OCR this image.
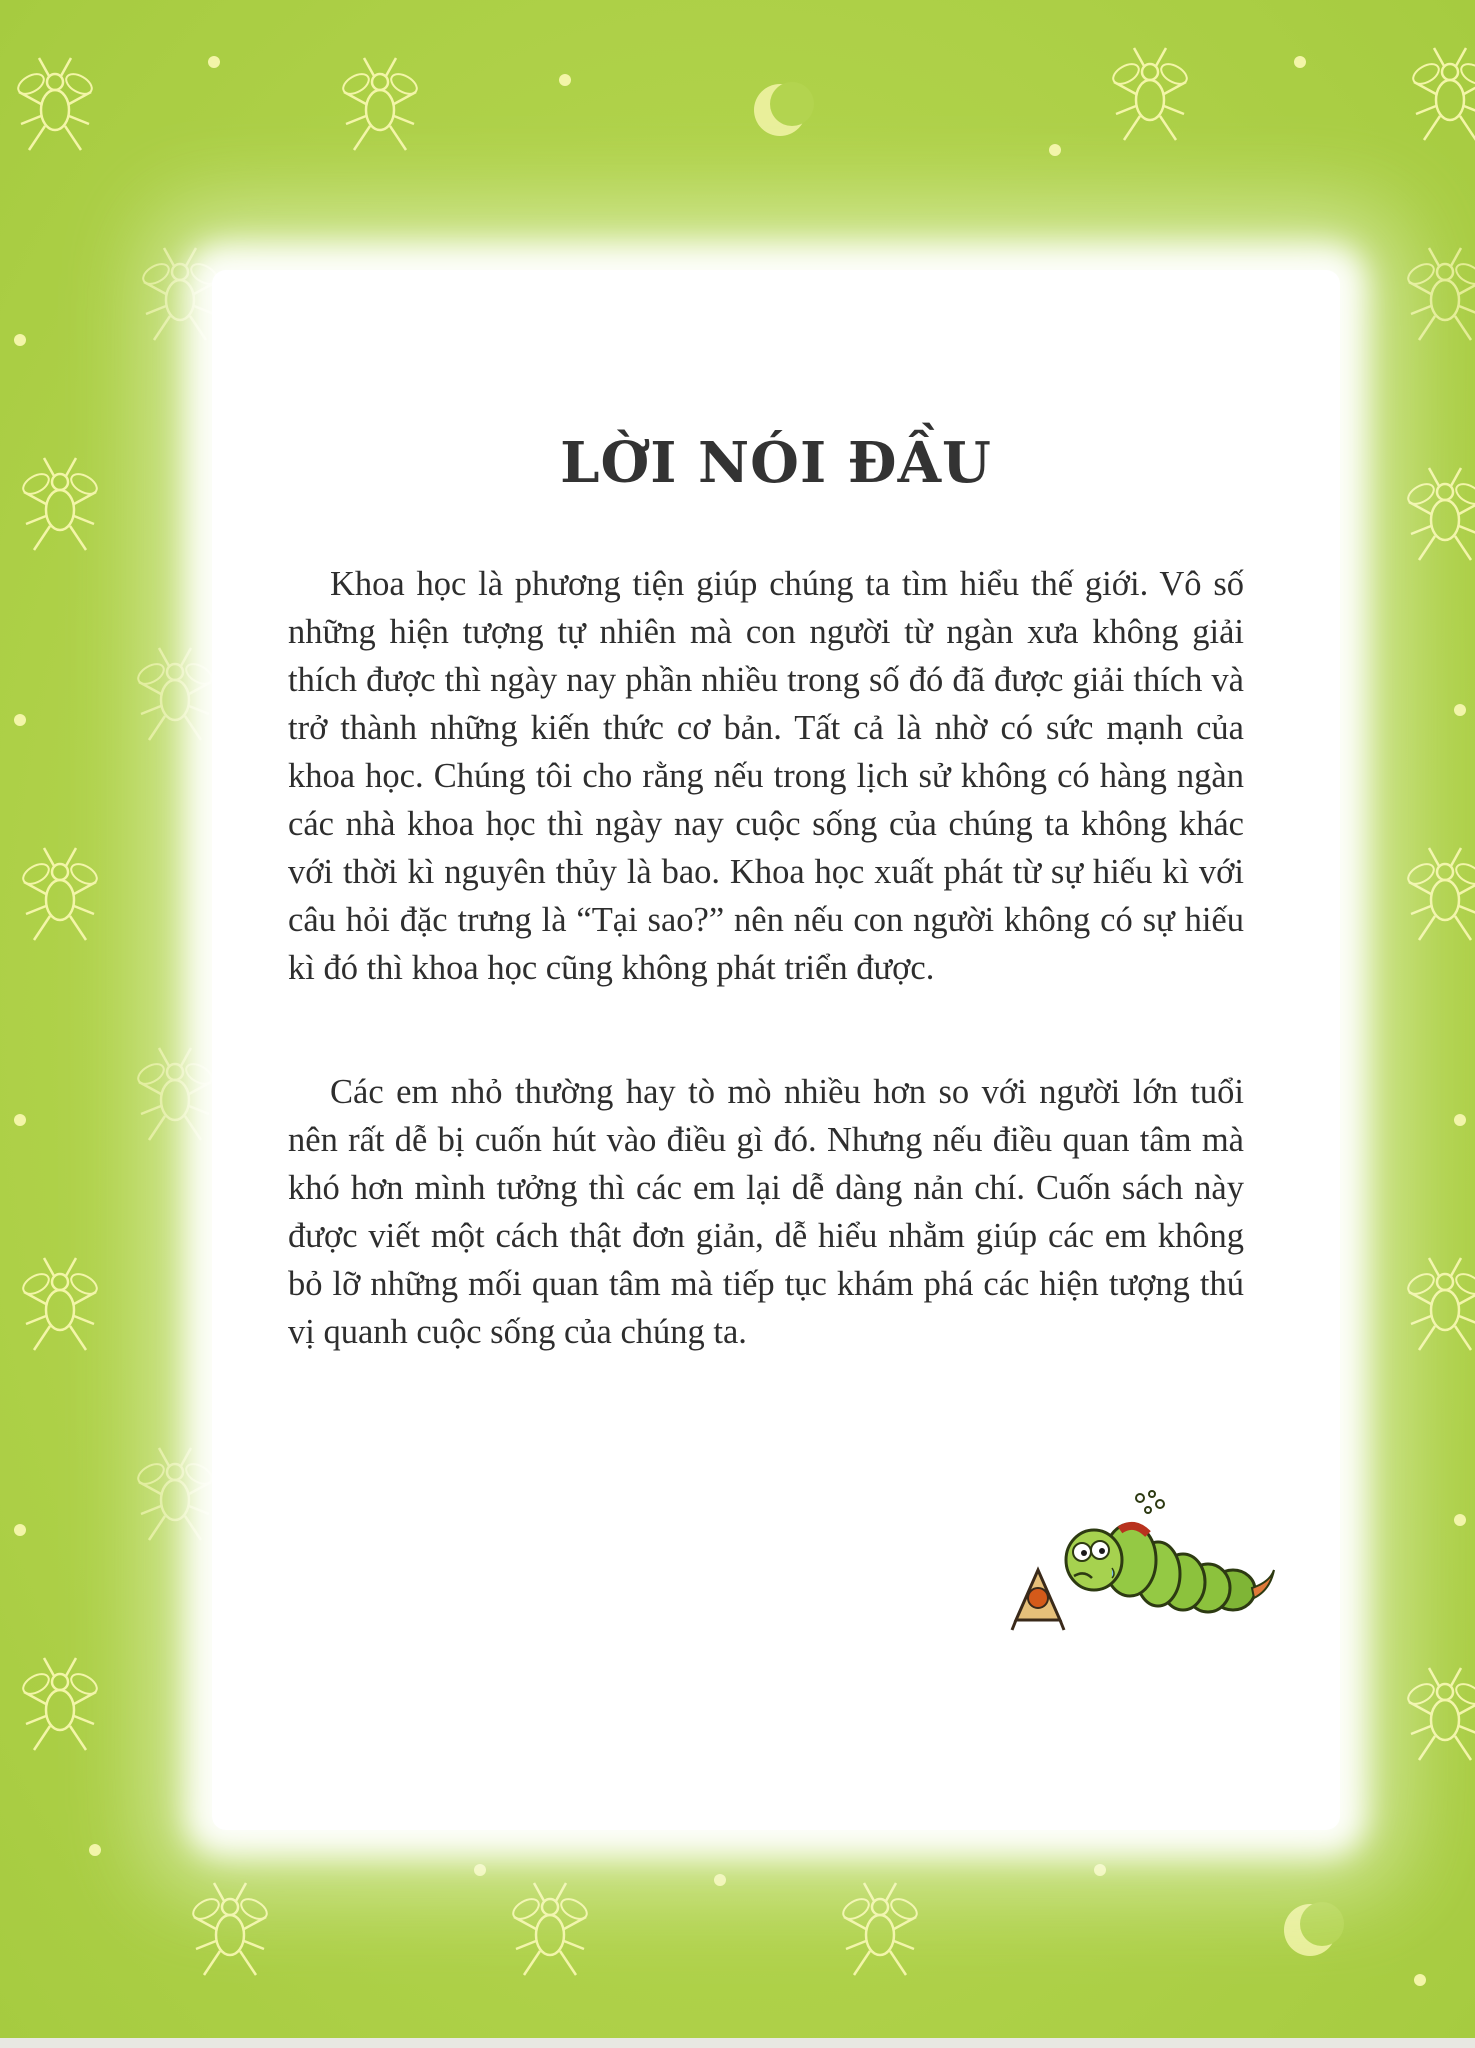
LỜI NÓI ĐẦU

Khoa học là phương tiện giúp chúng ta tìm hiểu thế giới. Vô số những hiện tượng tự nhiên mà con người từ ngàn xưa không giải thích được thì ngày nay phần nhiều trong số đó đã được giải thích và trở thành những kiến thức cơ bản. Tất cả là nhờ có sức mạnh của khoa học. Chúng tôi cho rằng nếu trong lịch sử không có hàng ngàn các nhà khoa học thì ngày nay cuộc sống của chúng ta không khác với thời kì nguyên thủy là bao. Khoa học xuất phát từ sự hiếu kì với câu hỏi đặc trưng là “Tại sao?” nên nếu con người không có sự hiếu kì đó thì khoa học cũng không phát triển được.

Các em nhỏ thường hay tò mò nhiều hơn so với người lớn tuổi nên rất dễ bị cuốn hút vào điều gì đó. Nhưng nếu điều quan tâm mà khó hơn mình tưởng thì các em lại dễ dàng nản chí. Cuốn sách này được viết một cách thật đơn giản, dễ hiểu nhằm giúp các em không bỏ lỡ những mối quan tâm mà tiếp tục khám phá các hiện tượng thú vị quanh cuộc sống của chúng ta.
